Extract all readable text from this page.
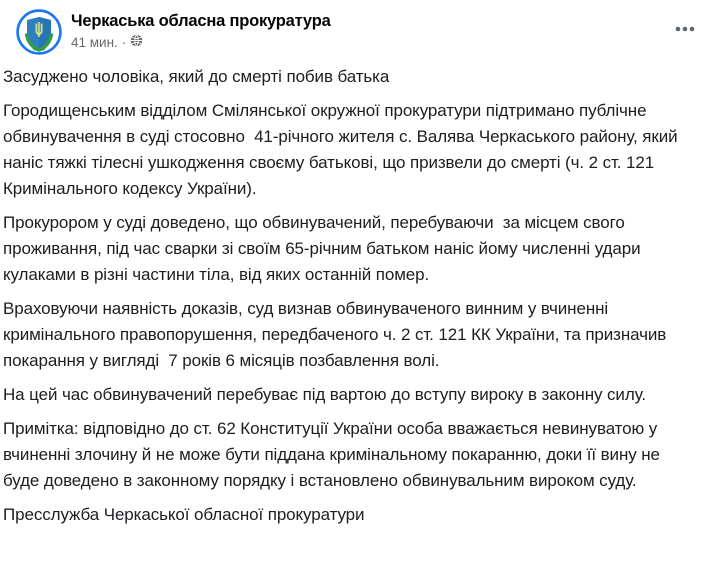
Черкаська обласна прокуратура
41 мин. ·

Засуджено чоловіка, який до смерті побив батька

Городищенським відділом Смілянської окружної прокуратури підтримано публічне обвинувачення в суді стосовно  41-річного жителя с. Валява Черкаського району, який  наніс тяжкі тілесні ушкодження своєму батькові, що призвели до смерті (ч. 2 ст. 121 Кримінального кодексу України).

Прокурором у суді доведено, що обвинувачений, перебуваючи  за місцем свого проживання, під час сварки зі своїм 65-річним батьком наніс йому численні удари кулаками в різні частини тіла, від яких останній помер.

Враховуючи наявність доказів, суд визнав обвинуваченого винним у вчиненні кримінального правопорушення, передбаченого ч. 2 ст. 121 КК України, та призначив покарання у вигляді  7 років 6 місяців позбавлення волі.

На цей час обвинувачений перебуває під вартою до вступу вироку в законну силу.

Примітка: відповідно до ст. 62 Конституції України особа вважається невинуватою у вчиненні злочину й не може бути піддана кримінальному покаранню, доки її вину не буде доведено в законному порядку і встановлено обвинувальним вироком суду.

Пресслужба Черкаської обласної прокуратури
